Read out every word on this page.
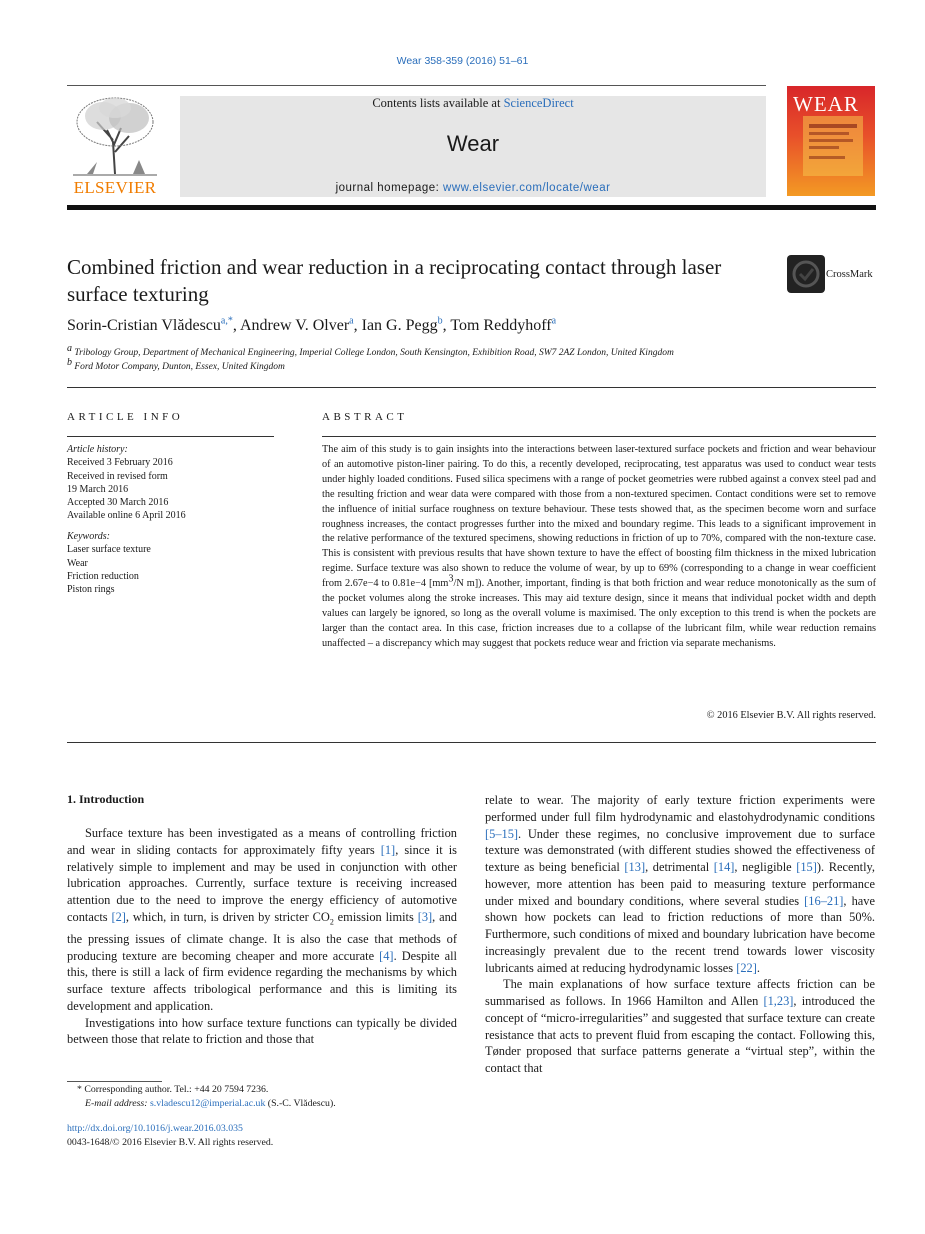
Wear 358-359 (2016) 51–61
ELSEVIER
Contents lists available at ScienceDirect
Wear
journal homepage: www.elsevier.com/locate/wear
WEAR
Combined friction and wear reduction in a reciprocating contact through laser surface texturing
CrossMark
Sorin-Cristian Vlădescu$^{a,*}$, Andrew V. Olver$^a$, Ian G. Pegg$^b$, Tom Reddyhoff$^a$
$^a$ Tribology Group, Department of Mechanical Engineering, Imperial College London, South Kensington, Exhibition Road, SW7 2AZ London, United Kingdom
$^b$ Ford Motor Company, Dunton, Essex, United Kingdom
ARTICLE INFO
Article history:
Received 3 February 2016
Received in revised form
19 March 2016
Accepted 30 March 2016
Available online 6 April 2016
Keywords:
Laser surface texture
Wear
Friction reduction
Piston rings
ABSTRACT
The aim of this study is to gain insights into the interactions between laser-textured surface pockets and friction and wear behaviour of an automotive piston-liner pairing. To do this, a recently developed, reciprocating, test apparatus was used to conduct wear tests under highly loaded conditions. Fused silica specimens with a range of pocket geometries were rubbed against a convex steel pad and the resulting friction and wear data were compared with those from a non-textured specimen. Contact conditions were set to remove the influence of initial surface roughness on texture behaviour. These tests showed that, as the specimen become worn and surface roughness increases, the contact progresses further into the mixed and boundary regime. This leads to a significant improvement in the relative performance of the textured specimens, showing reductions in friction of up to 70%, compared with the non-texture case. This is consistent with previous results that have shown texture to have the effect of boosting film thickness in the mixed lubrication regime. Surface texture was also shown to reduce the volume of wear, by up to 69% (corresponding to a change in wear coefficient from 2.67e−4 to 0.81e−4 [$mm^3/N$ m]). Another, important, finding is that both friction and wear reduce monotonically as the sum of the pocket volumes along the stroke increases. This may aid texture design, since it means that individual pocket width and depth values can largely be ignored, so long as the overall volume is maximised. The only exception to this trend is when the pockets are larger than the contact area. In this case, friction increases due to a collapse of the lubricant film, while wear reduction remains unaffected – a discrepancy which may suggest that pockets reduce wear and friction via separate mechanisms.
© 2016 Elsevier B.V. All rights reserved.
1. Introduction

Surface texture has been investigated as a means of controlling friction and wear in sliding contacts for approximately fifty years [1], since it is relatively simple to implement and may be used in conjunction with other lubrication approaches. Currently, surface texture is receiving increased attention due to the need to improve the energy efficiency of automotive contacts [2], which, in turn, is driven by stricter $CO_2$ emission limits [3], and the pressing issues of climate change. It is also the case that methods of producing texture are becoming cheaper and more accurate [4]. Despite all this, there is still a lack of firm evidence regarding the mechanisms by which surface texture affects tribological performance and this is limiting its development and application.

Investigations into how surface texture functions can typically be divided between those that relate to friction and those that

relate to wear. The majority of early texture friction experiments were performed under full film hydrodynamic and elastohydrodynamic conditions [5–15]. Under these regimes, no conclusive improvement due to surface texture was demonstrated (with different studies showed the effectiveness of texture as being beneficial [13], detrimental [14], negligible [15]). Recently, however, more attention has been paid to measuring texture performance under mixed and boundary conditions, where several studies [16–21], have shown how pockets can lead to friction reductions of more than 50%. Furthermore, such conditions of mixed and boundary lubrication have become increasingly prevalent due to the recent trend towards lower viscosity lubricants aimed at reducing hydrodynamic losses [22].

The main explanations of how surface texture affects friction can be summarised as follows. In 1966 Hamilton and Allen [1,23], introduced the concept of “micro-irregularities” and suggested that surface texture can create resistance that acts to prevent fluid from escaping the contact. Following this, Tønder proposed that surface patterns generate a “virtual step”, within the contact that

* Corresponding author. Tel.: +44 20 7594 7236.
E-mail address: s.vladescu12@imperial.ac.uk (S.-C. Vlădescu).
http://dx.doi.org/10.1016/j.wear.2016.03.035
0043-1648/© 2016 Elsevier B.V. All rights reserved.
